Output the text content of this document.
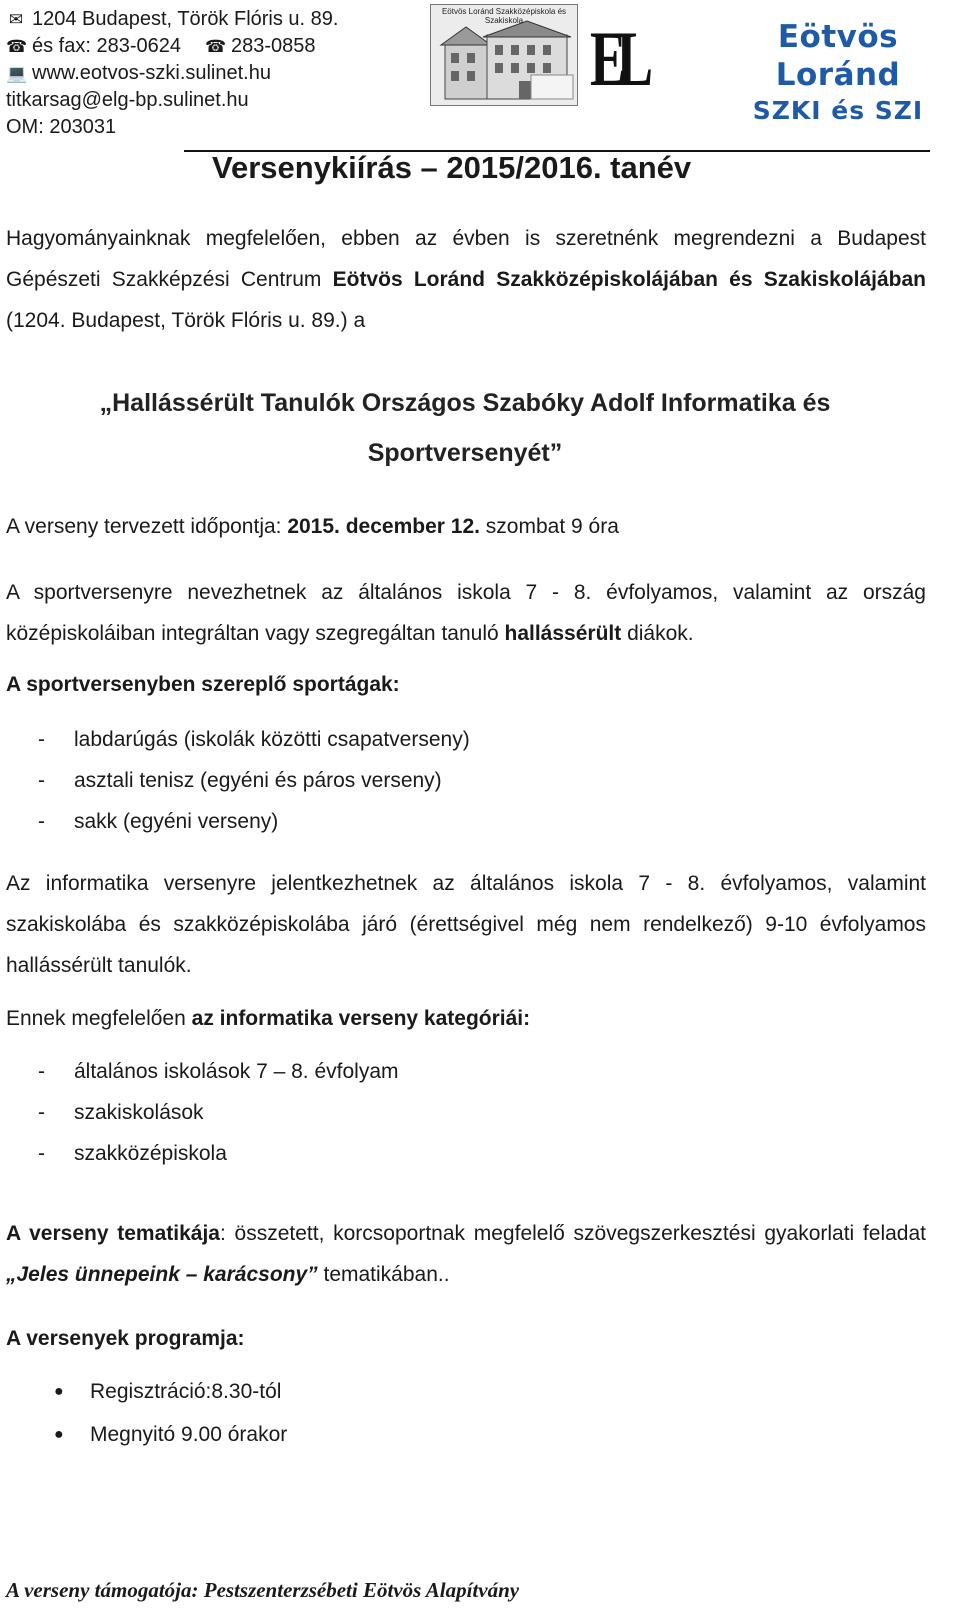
✉ 1204 Budapest, Török Flóris u. 89.
☎ és fax : 283-0624 ☎ 283-0858
💻 www.eotvos-szki.sulinet.hu
titkarsag@elg-bp.sulinet.hu
OM: 203031
Eötvös Loránd Szakközépiskola és Szakiskola EL	Eötvös Loránd
SZKI és SZI
Versenykiírás – 2015/2016. tanév

Hagyományainknak megfelelően, ebben az évben is szeretnénk megrendezni a Budapest Gépészeti Szakképzési Centrum Eötvös Loránd Szakközépiskolájában és Szakiskolájában (1204. Budapest, Török Flóris u. 89.) a

„Hallássérült Tanulók Országos Szabóky Adolf Informatika és Sportversenyét”

A verseny tervezett időpontja: 2015. december 12. szombat 9 óra

A sportversenyre nevezhetnek az általános iskola 7 - 8. évfolyamos, valamint az ország középiskoláiban integráltan vagy szegregáltan tanuló hallássérült diákok.

A sportversenyben szereplő sportágak:

-	labdarúgás (iskolák közötti csapatverseny)
-	asztali tenisz (egyéni és páros verseny)
-	sakk (egyéni verseny)

Az informatika versenyre jelentkezhetnek az általános iskola 7 - 8. évfolyamos, valamint szakiskolába és szakközépiskolába járó (érettségivel még nem rendelkező) 9-10 évfolyamos hallássérült tanulók.

Ennek megfelelően az informatika verseny kategóriái:

-	általános iskolások 7 – 8. évfolyam
-	szakiskolások
-	szakközépiskola

A verseny tematikája: összetett, korcsoportnak megfelelő szövegszerkesztési gyakorlati feladat „Jeles ünnepeink – karácsony” tematikában..

A versenyek programja:

●	Regisztráció:8.30-tól
●	Megnyitó 9.00 órakor
A verseny támogatója: Pestszenterzsébeti Eötvös Alapítvány
